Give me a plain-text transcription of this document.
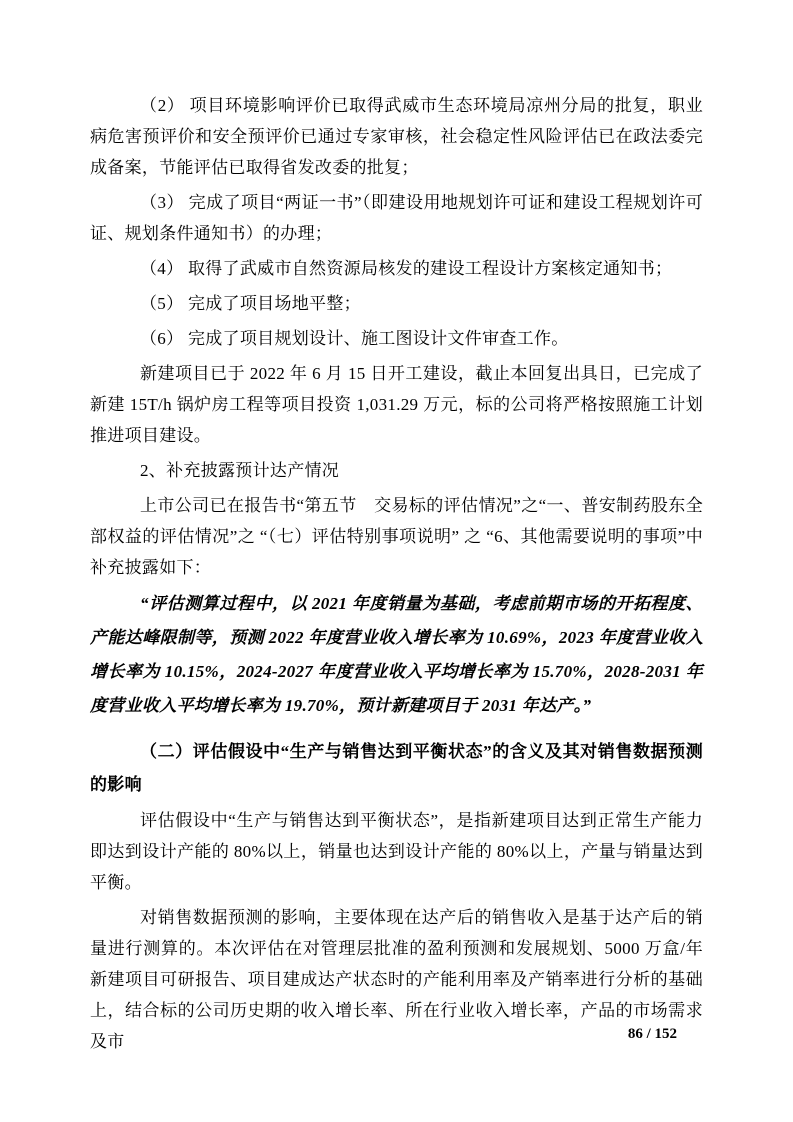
（2） 项目环境影响评价已取得武威市生态环境局凉州分局的批复，职业病危害预评价和安全预评价已通过专家审核，社会稳定性风险评估已在政法委完成备案，节能评估已取得省发改委的批复；

（3） 完成了项目“两证一书”（即建设用地规划许可证和建设工程规划许可证、规划条件通知书）的办理；

（4） 取得了武威市自然资源局核发的建设工程设计方案核定通知书；

（5） 完成了项目场地平整；

（6） 完成了项目规划设计、施工图设计文件审查工作。

新建项目已于 2022 年 6 月 15 日开工建设，截止本回复出具日，已完成了新建 15T/h 锅炉房工程等项目投资 1,031.29 万元，标的公司将严格按照施工计划推进项目建设。

2、补充披露预计达产情况

上市公司已在报告书“第五节　交易标的评估情况”之“一、普安制药股东全部权益的评估情况”之 “（七）评估特别事项说明” 之 “6、其他需要说明的事项”中补充披露如下：

“评估测算过程中，以 2021 年度销量为基础，考虑前期市场的开拓程度、产能达峰限制等，预测 2022 年度营业收入增长率为 10.69%，2023 年度营业收入增长率为 10.15%，2024-2027 年度营业收入平均增长率为 15.70%，2028-2031 年度营业收入平均增长率为 19.70%，预计新建项目于 2031 年达产。”

（二）评估假设中“生产与销售达到平衡状态”的含义及其对销售数据预测的影响

评估假设中“生产与销售达到平衡状态”，是指新建项目达到正常生产能力即达到设计产能的 80%以上，销量也达到设计产能的 80%以上，产量与销量达到平衡。

对销售数据预测的影响，主要体现在达产后的销售收入是基于达产后的销量进行测算的。本次评估在对管理层批准的盈利预测和发展规划、5000 万盒/年新建项目可研报告、项目建成达产状态时的产能利用率及产销率进行分析的基础上，结合标的公司历史期的收入增长率、所在行业收入增长率，产品的市场需求及市	86 / 152
